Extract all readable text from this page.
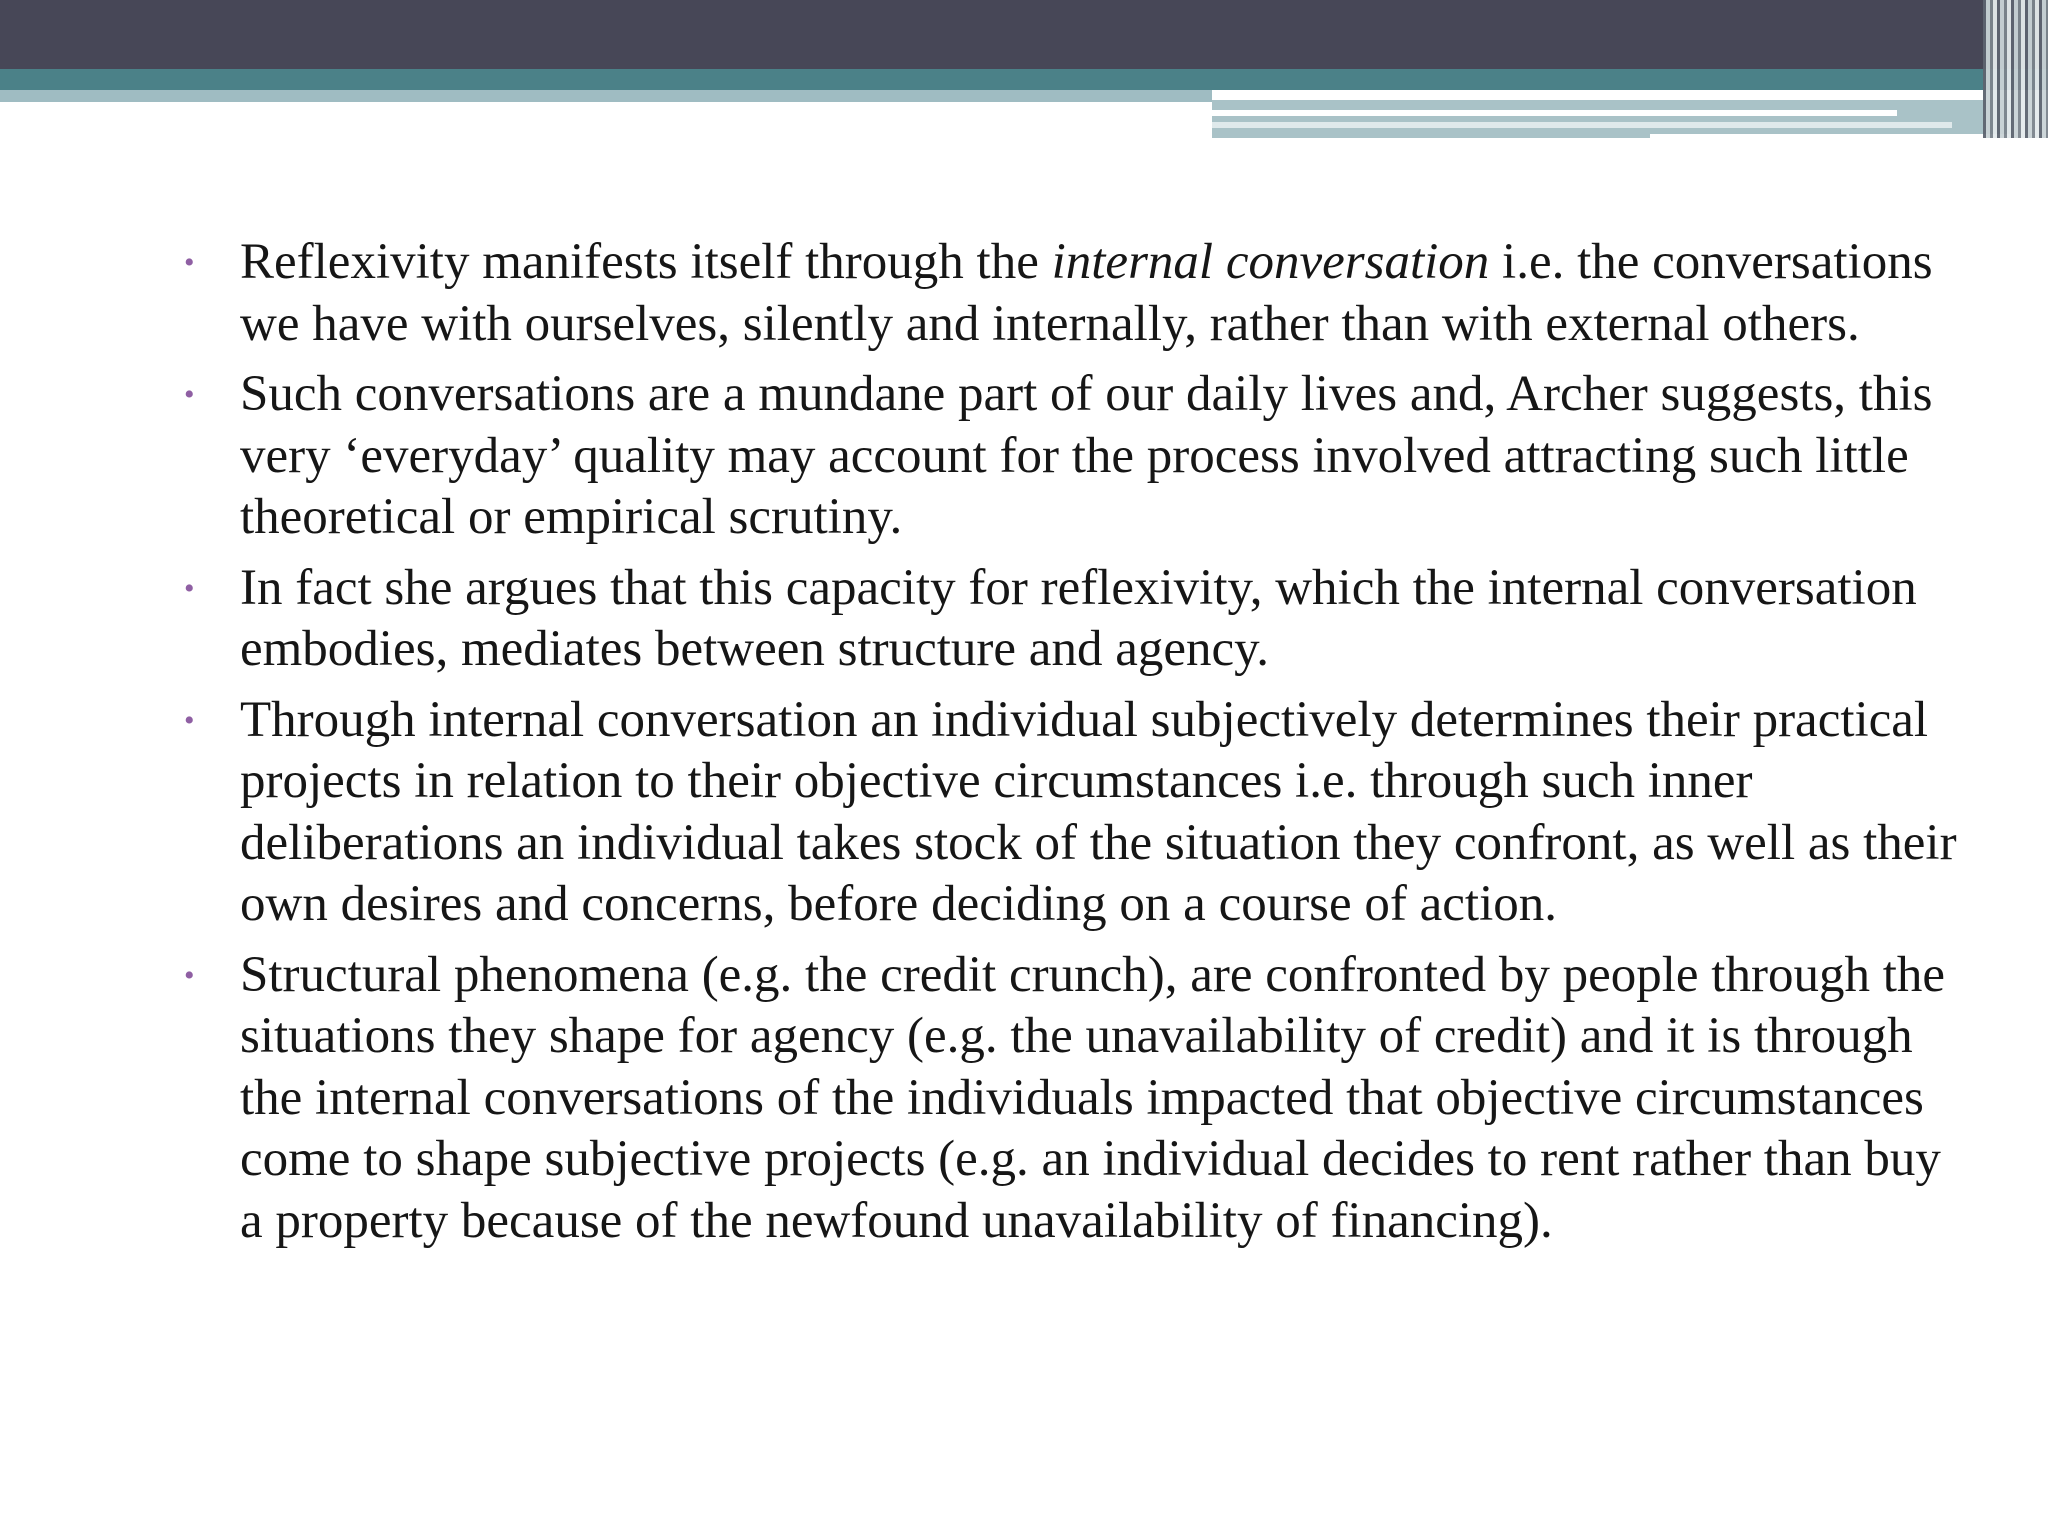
• Reflexivity manifests itself through the internal conversation i.e. the conversations we have with ourselves, silently and internally, rather than with external others.
• Such conversations are a mundane part of our daily lives and, Archer suggests, this very ‘everyday’ quality may account for the process involved attracting such little theoretical or empirical scrutiny.
• In fact she argues that this capacity for reflexivity, which the internal conversation embodies, mediates between structure and agency.
• Through internal conversation an individual subjectively determines their practical projects in relation to their objective circumstances i.e. through such inner deliberations an individual takes stock of the situation they confront, as well as their own desires and concerns, before deciding on a course of action.
• Structural phenomena (e.g. the credit crunch), are confronted by people through the situations they shape for agency (e.g. the unavailability of credit) and it is through the internal conversations of the individuals impacted that objective circumstances come to shape subjective projects (e.g. an individual decides to rent rather than buy a property because of the newfound unavailability of financing).
